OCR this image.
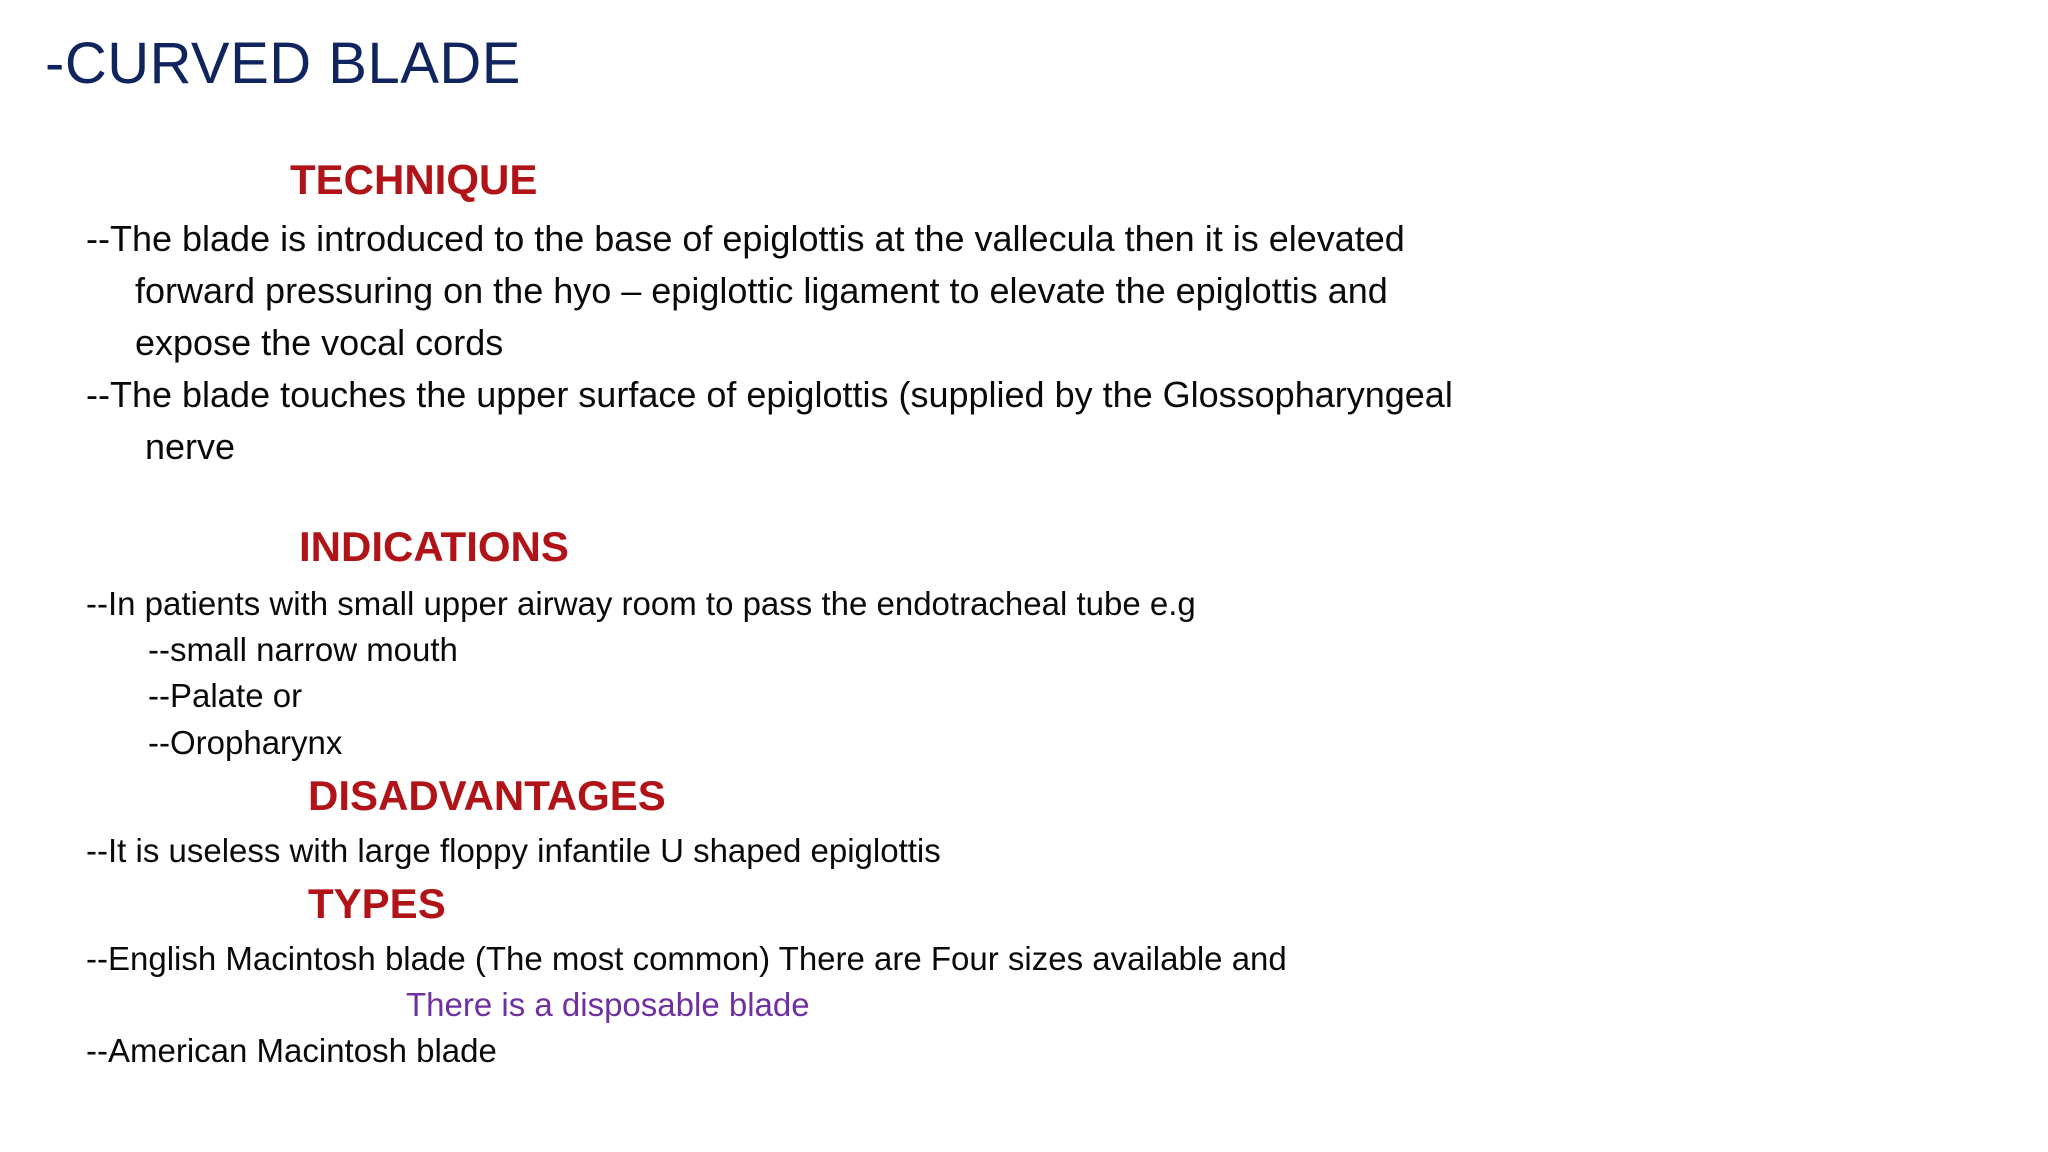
-CURVED BLADE
TECHNIQUE
--The blade is introduced to the base of epiglottis at the vallecula then it is elevated
forward pressuring on the hyo – epiglottic ligament to elevate the epiglottis and
expose the vocal cords
--The blade touches the upper surface of epiglottis (supplied by the Glossopharyngeal
nerve
INDICATIONS
--In patients with small upper airway room to pass the endotracheal tube e.g
--small narrow mouth
--Palate or
--Oropharynx
DISADVANTAGES
--It is useless with large floppy infantile U shaped epiglottis
TYPES
--English Macintosh blade (The most common) There are Four sizes available and
There is a disposable blade
--American Macintosh blade
